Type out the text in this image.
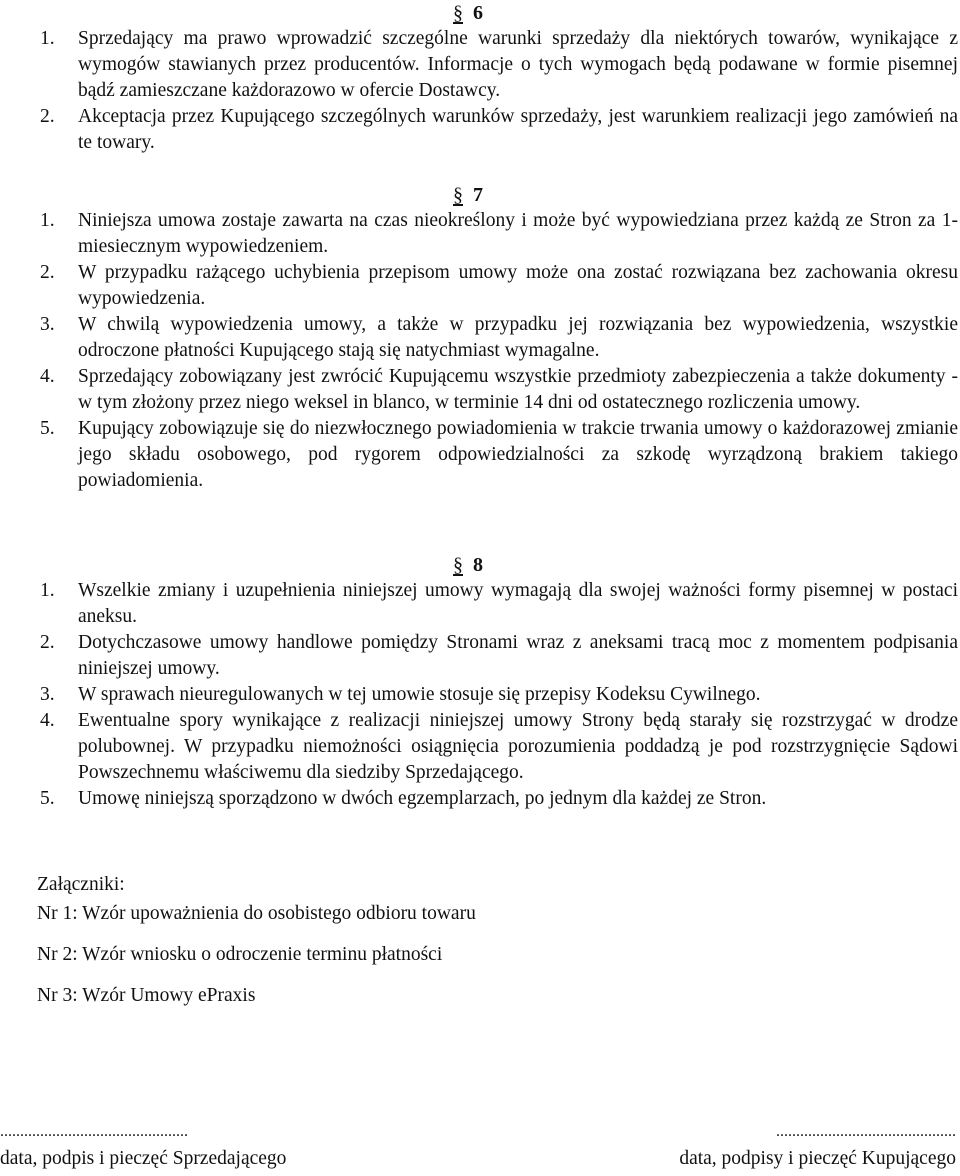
§ 6
1. Sprzedający ma prawo wprowadzić szczególne warunki sprzedaży dla niektórych towarów, wynikające z wymogów stawianych przez producentów. Informacje o tych wymogach będą podawane w formie pisemnej bądź zamieszczane każdorazowo w ofercie Dostawcy.
2. Akceptacja przez Kupującego szczególnych warunków sprzedaży, jest warunkiem realizacji jego zamówień na te towary.
§ 7
1. Niniejsza umowa zostaje zawarta na czas nieokreślony i może być wypowiedziana przez każdą ze Stron za 1-miesiecznym wypowiedzeniem.
2. W przypadku rażącego uchybienia przepisom umowy może ona zostać rozwiązana bez zachowania okresu wypowiedzenia.
3. W chwilą wypowiedzenia umowy, a także w przypadku jej rozwiązania bez wypowiedzenia, wszystkie odroczone płatności Kupującego stają się natychmiast wymagalne.
4. Sprzedający zobowiązany jest zwrócić Kupującemu wszystkie przedmioty zabezpieczenia a także dokumenty - w tym złożony przez niego weksel in blanco, w terminie 14 dni od ostatecznego rozliczenia umowy.
5. Kupujący zobowiązuje się do niezwłocznego powiadomienia w trakcie trwania umowy o każdorazowej zmianie jego składu osobowego, pod rygorem odpowiedzialności za szkodę wyrządzoną brakiem takiego powiadomienia.
§ 8
1. Wszelkie zmiany i uzupełnienia niniejszej umowy wymagają dla swojej ważności formy pisemnej w postaci aneksu.
2. Dotychczasowe umowy handlowe pomiędzy Stronami wraz z aneksami tracą moc z momentem podpisania niniejszej umowy.
3. W sprawach nieuregulowanych w tej umowie stosuje się przepisy Kodeksu Cywilnego.
4. Ewentualne spory wynikające z realizacji niniejszej umowy Strony będą starały się rozstrzygać w drodze polubownej. W przypadku niemożności osiągnięcia porozumienia poddadzą je pod rozstrzygnięcie Sądowi Powszechnemu właściwemu dla siedziby Sprzedającego.
5. Umowę niniejszą sporządzono w dwóch egzemplarzach, po jednym dla każdej ze Stron.
Załączniki:
Nr 1: Wzór upoważnienia do osobistego odbioru towaru
Nr 2: Wzór wniosku o odroczenie terminu płatności
Nr 3: Wzór Umowy ePraxis
...............................................
data, podpis i pieczęć Sprzedającego
.............................................
data, podpisy i pieczęć Kupującego
